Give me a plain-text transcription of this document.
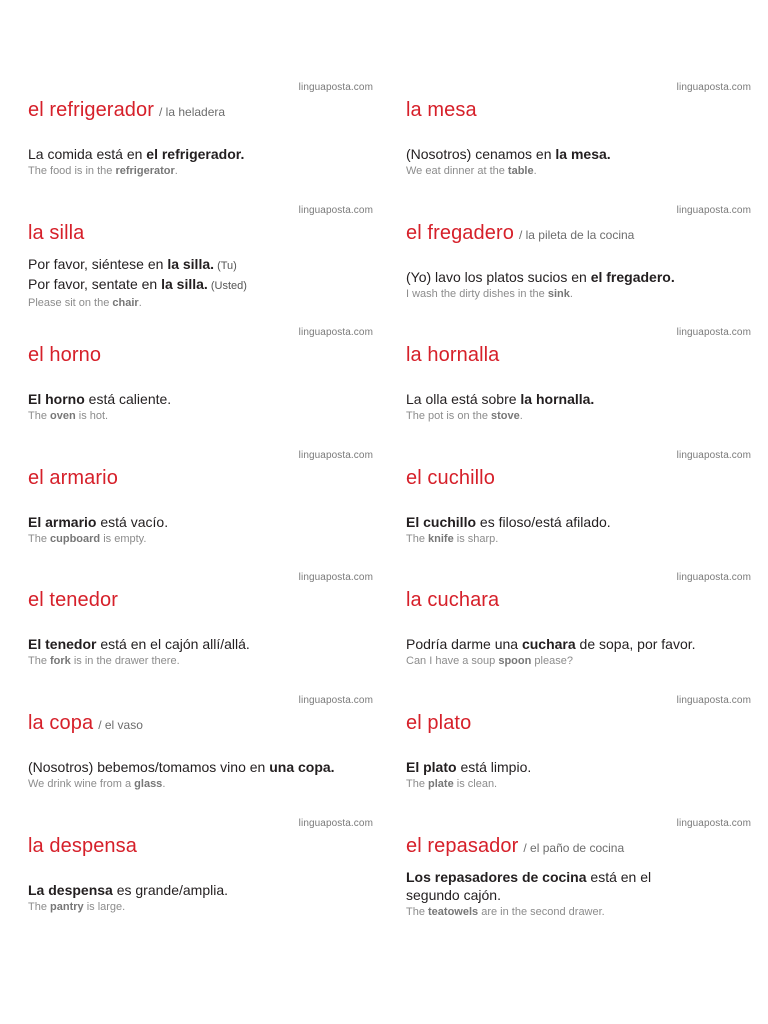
linguaposta.com
el refrigerador / la heladera
La comida está en el refrigerador.
The food is in the refrigerator.
linguaposta.com
la mesa
(Nosotros) cenamos en la mesa.
We eat dinner at the table.
linguaposta.com
la silla
Por favor, siéntese en la silla. (Tu)
Por favor, sentate en la silla. (Usted)
Please sit on the chair.
linguaposta.com
el fregadero / la pileta de la cocina
(Yo) lavo los platos sucios en el fregadero.
I wash the dirty dishes in the sink.
linguaposta.com
el horno
El horno está caliente.
The oven is hot.
linguaposta.com
la hornalla
La olla está sobre la hornalla.
The pot is on the stove.
linguaposta.com
el armario
El armario está vacío.
The cupboard is empty.
linguaposta.com
el cuchillo
El cuchillo es filoso/está afilado.
The knife is sharp.
linguaposta.com
el tenedor
El tenedor está en el cajón allí/allá.
The fork is in the drawer there.
linguaposta.com
la cuchara
Podría darme una cuchara de sopa, por favor.
Can I have a soup spoon please?
linguaposta.com
la copa / el vaso
(Nosotros) bebemos/tomamos vino en una copa.
We drink wine from a glass.
linguaposta.com
el plato
El plato está limpio.
The plate is clean.
linguaposta.com
la despensa
La despensa es grande/amplia.
The pantry is large.
linguaposta.com
el repasador / el paño de cocina
Los repasadores de cocina está en el
segundo cajón.
The teatowels are in the second drawer.
